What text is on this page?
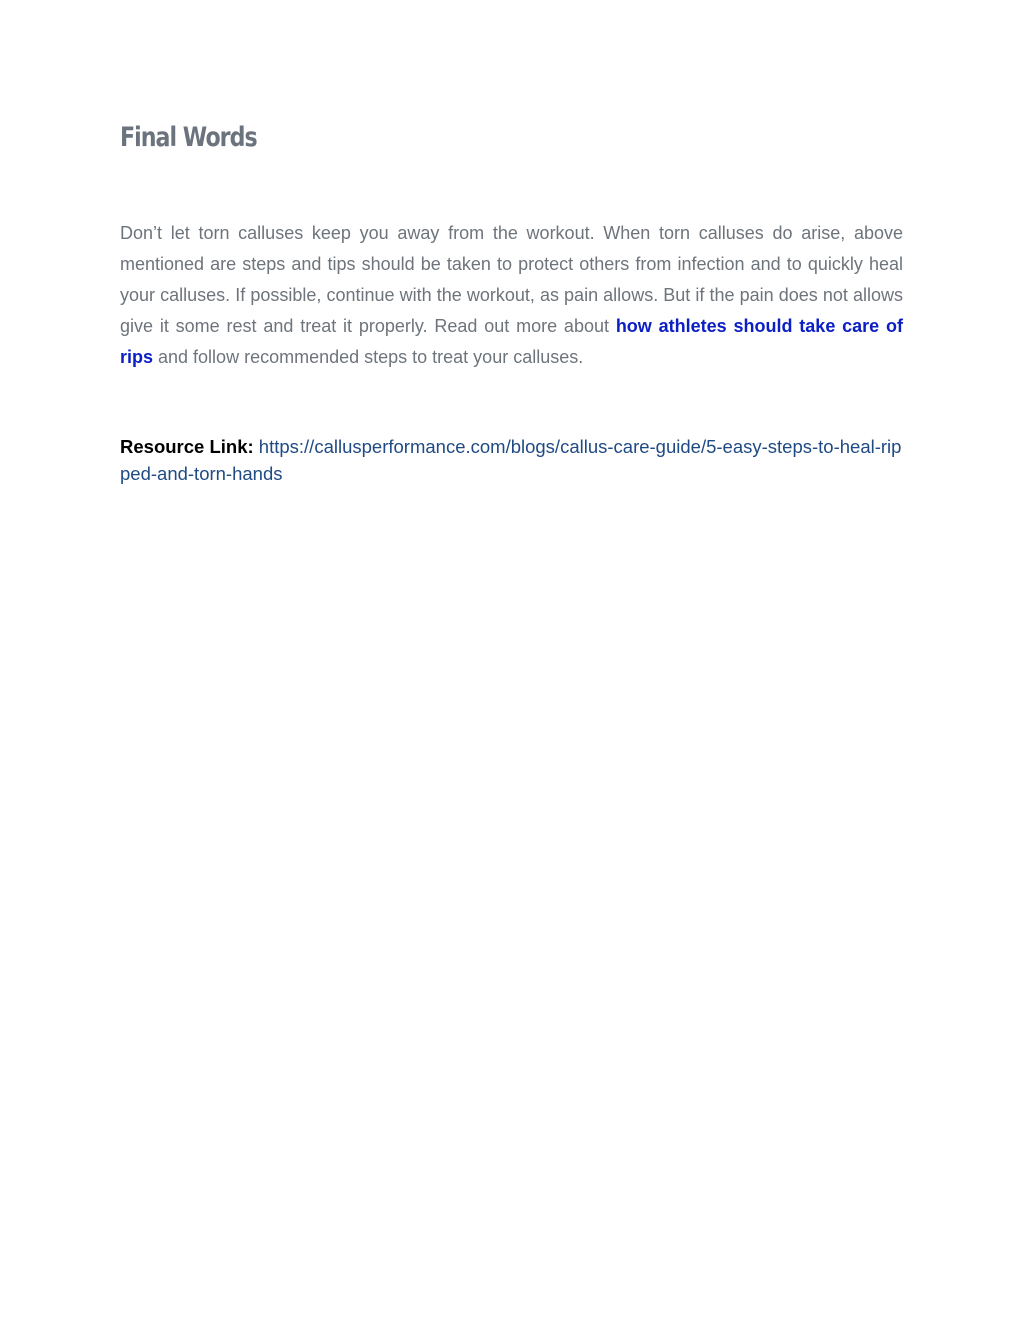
Final Words

Don’t let torn calluses keep you away from the workout. When torn calluses do arise, above mentioned are steps and tips should be taken to protect others from infection and to quickly heal your calluses. If possible, continue with the workout, as pain allows. But if the pain does not allows give it some rest and treat it properly. Read out more about how athletes should take care of rips and follow recommended steps to treat your calluses.

Resource Link: https://callusperformance.com/blogs/callus-care-guide/5-easy-steps-to-heal-ripped-and-torn-hands
